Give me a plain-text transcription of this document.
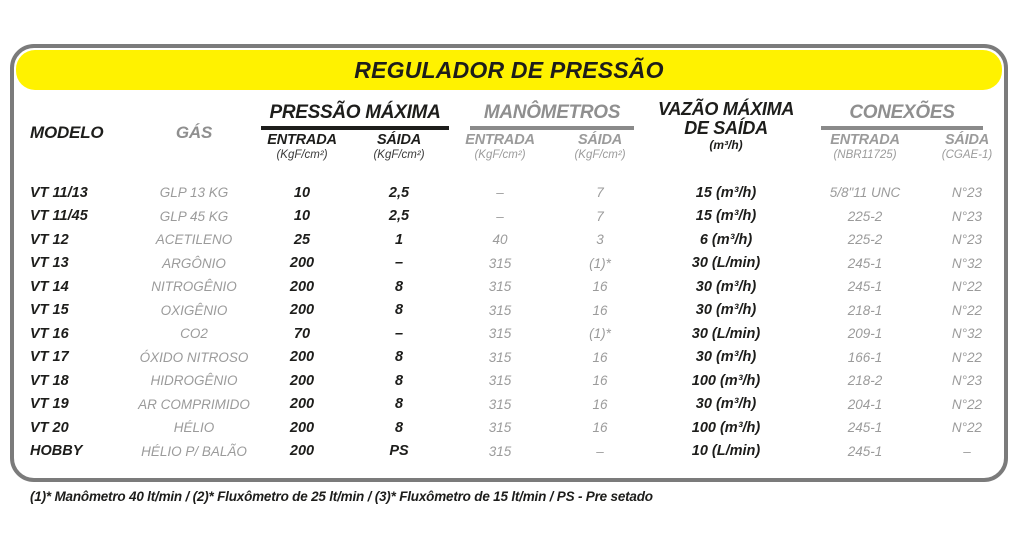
REGULADOR DE PRESSÃO
MODELO	GÁS
PRESSÃO MÁXIMA	MANÔMETROS	VAZÃO MÁXIMA
DE SAÍDA
(m³/h)
CONEXÕES
ENTRADA	SÁIDA	ENTRADA	SÁIDA	ENTRADA	SÁIDA
(KgF/cm²)	(KgF/cm²)	(KgF/cm²)	(KgF/cm²)	(NBR11725)	(CGAE-1)
VT 11/13	GLP 13 KG	10	2,5	–	7	15 (m³/h)	5/8"11 UNC	N°23
VT 11/45	GLP 45 KG	10	2,5	–	7	15 (m³/h)	225-2	N°23
VT 12	ACETILENO	25	1	40	3	6 (m³/h)	225-2	N°23
VT 13	ARGÔNIO	200	–	315	(1)*	30 (L/min)	245-1	N°32
VT 14	NITROGÊNIO	200	8	315	16	30 (m³/h)	245-1	N°22
VT 15	OXIGÊNIO	200	8	315	16	30 (m³/h)	218-1	N°22
VT 16	CO2	70	–	315	(1)*	30 (L/min)	209-1	N°32
VT 17	ÓXIDO NITROSO	200	8	315	16	30 (m³/h)	166-1	N°22
VT 18	HIDROGÊNIO	200	8	315	16	100 (m³/h)	218-2	N°23
VT 19	AR COMPRIMIDO	200	8	315	16	30 (m³/h)	204-1	N°22
VT 20	HÉLIO	200	8	315	16	100 (m³/h)	245-1	N°22
HOBBY	HÉLIO P/ BALÃO	200	PS	315	–	10 (L/min)	245-1	–
(1)* Manômetro 40 lt/min / (2)* Fluxômetro de 25 lt/min / (3)* Fluxômetro de 15 lt/min / PS - Pre setado
